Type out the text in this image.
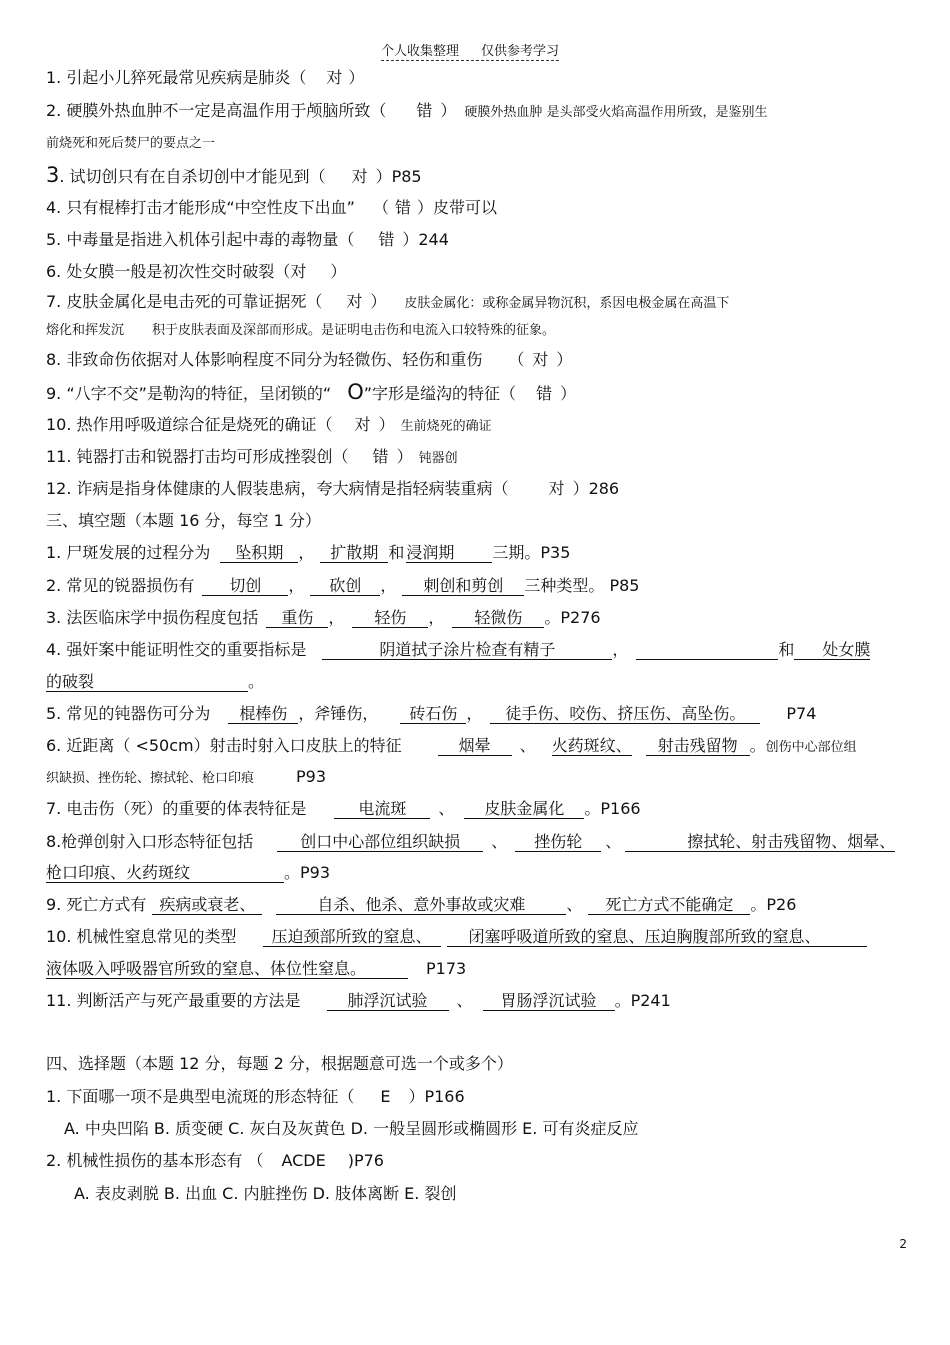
个人收集整理 仅供参考学习
1. 引起小儿猝死最常见疾病是肺炎（ 对 ）
2. 硬膜外热血肿不一定是高温作用于颅脑所致（ 错 ） 硬膜外热血肿 是头部受火焰高温作用所致，是鉴别生
前烧死和死后焚尸的要点之一
3. 试切创只有在自杀切创中才能见到（ 对 ）P85
4. 只有棍棒打击才能形成“中空性皮下出血” （ 错 ）皮带可以
5. 中毒量是指进入机体引起中毒的毒物量（ 错 ）244
6. 处女膜一般是初次性交时破裂（对 ）
7. 皮肤金属化是电击死的可靠证据死（ 对 ） 皮肤金属化：或称金属异物沉积，系因电极金属在高温下
熔化和挥发沉 积于皮肤表面及深部而形成。是证明电击伤和电流入口较特殊的征象。
8. 非致命伤依据对人体影响程度不同分为轻微伤、轻伤和重伤 （ 对 ）
9. “八字不交”是勒沟的特征，呈闭锁的“ O”字形是缢沟的特征（ 错 ）
10. 热作用呼吸道综合征是烧死的确证（ 对 ） 生前烧死的确证
11. 钝器打击和锐器打击均可形成挫裂创（ 错 ） 钝器创
12. 诈病是指身体健康的人假装患病，夸大病情是指轻病装重病（	对 ）286
三、填空题（本题 16 分，每空 1 分）
1. 尸斑发展的过程分为 坠积期 ， 扩散期 和 浸润期 三期。P35
2. 常见的锐器损伤有 切创 ， 砍创 ， 刺创和剪创 三种类型。 P85
3. 法医临床学中损伤程度包括 重伤 ， 轻伤 ， 轻微伤 。P276
4. 强奸案中能证明性交的重要指标是	阴道拭子涂片检查有精子	，	和 处女膜
的破裂	。
5. 常见的钝器伤可分为 棍棒伤 ，斧锤伤， 砖石伤 ， 徒手伤、咬伤、挤压伤、高坠伤。	P74
6. 近距离（ <50cm）射击时射入口皮肤上的特征	烟晕 、 火药斑纹、 射击残留物 。创伤中心部位组
织缺损、挫伤轮、擦拭轮、枪口印痕	P93
7. 电击伤（死）的重要的体表特征是	电流斑 、 皮肤金属化 。P166
8.枪弹创射入口形态特征包括	创口中心部位组织缺损 、 挫伤轮 、	擦拭轮、射击残留物、烟晕、
枪口印痕、火药斑纹	。P93
9. 死亡方式有 疾病或衰老、	自杀、他杀、意外事故或灾难	、 死亡方式不能确定 。P26
10. 机械性窒息常见的类型 压迫颈部所致的窒息、 闭塞呼吸道所致的窒息、压迫胸腹部所致的窒息、
液体吸入呼吸器官所致的窒息、体位性窒息。	P173
11. 判断活产与死产最重要的方法是	肺浮沉试验 、 胃肠浮沉试验 。P241
四、选择题（本题 12 分，每题 2 分，根据题意可选一个或多个）
1. 下面哪一项不是典型电流斑的形态特征（ E ）P166
A. 中央凹陷 B. 质变硬 C. 灰白及灰黄色 D. 一般呈圆形或椭圆形 E. 可有炎症反应
2. 机械性损伤的基本形态有 （ ACDE )P76
A. 表皮剥脱 B. 出血 C. 内脏挫伤 D. 肢体离断 E. 裂创
2
